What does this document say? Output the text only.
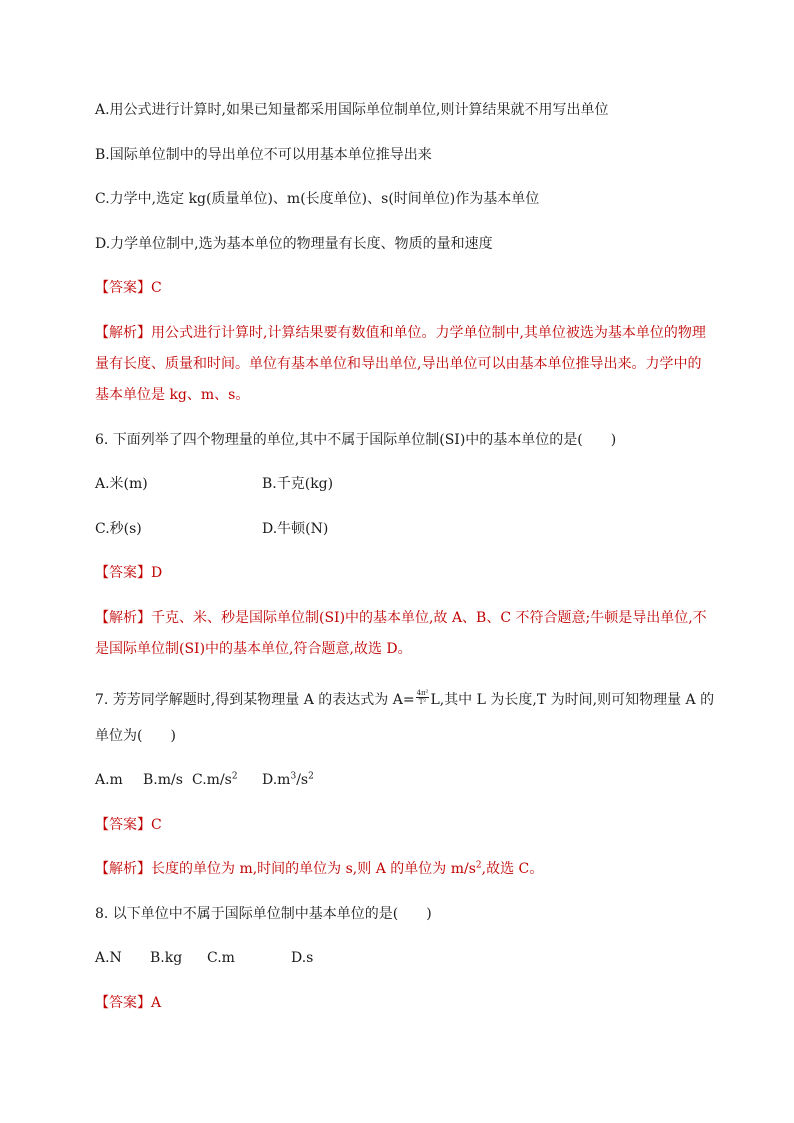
A.用公式进行计算时,如果已知量都采用国际单位制单位,则计算结果就不用写出单位
B.国际单位制中的导出单位不可以用基本单位推导出来
C.力学中,选定 kg(质量单位)、m(长度单位)、s(时间单位)作为基本单位
D.力学单位制中,选为基本单位的物理量有长度、物质的量和速度
【答案】C
【解析】用公式进行计算时,计算结果要有数值和单位。力学单位制中,其单位被选为基本单位的物理
量有长度、质量和时间。单位有基本单位和导出单位,导出单位可以由基本单位推导出来。力学中的
基本单位是 kg、m、s。
6. 下面列举了四个物理量的单位,其中不属于国际单位制(SI)中的基本单位的是(　　)
A.米(m)	B.千克(kg)
C.秒(s)	D.牛顿(N)
【答案】D
【解析】千克、米、秒是国际单位制(SI)中的基本单位,故 A、B、C 不符合题意;牛顿是导出单位,不
是国际单位制(SI)中的基本单位,符合题意,故选 D。
7. 芳芳同学解题时,得到某物理量 A 的表达式为 $A= \frac{\text{4π²}}{\text{T²}} L$,其中 L 为长度,T 为时间,则可知物理量 A 的
单位为(　　)
A.m B.m/s $C.m/s^2$ $D.m^3/s^2$
【答案】C
【解析】长度的单位为 m,时间的单位为 s,则 A 的单位为 $m/s^2$,故选 C。
8. 以下单位中不属于国际单位制中基本单位的是(　　)
A.N B.kg C.m	D.s
【答案】A
